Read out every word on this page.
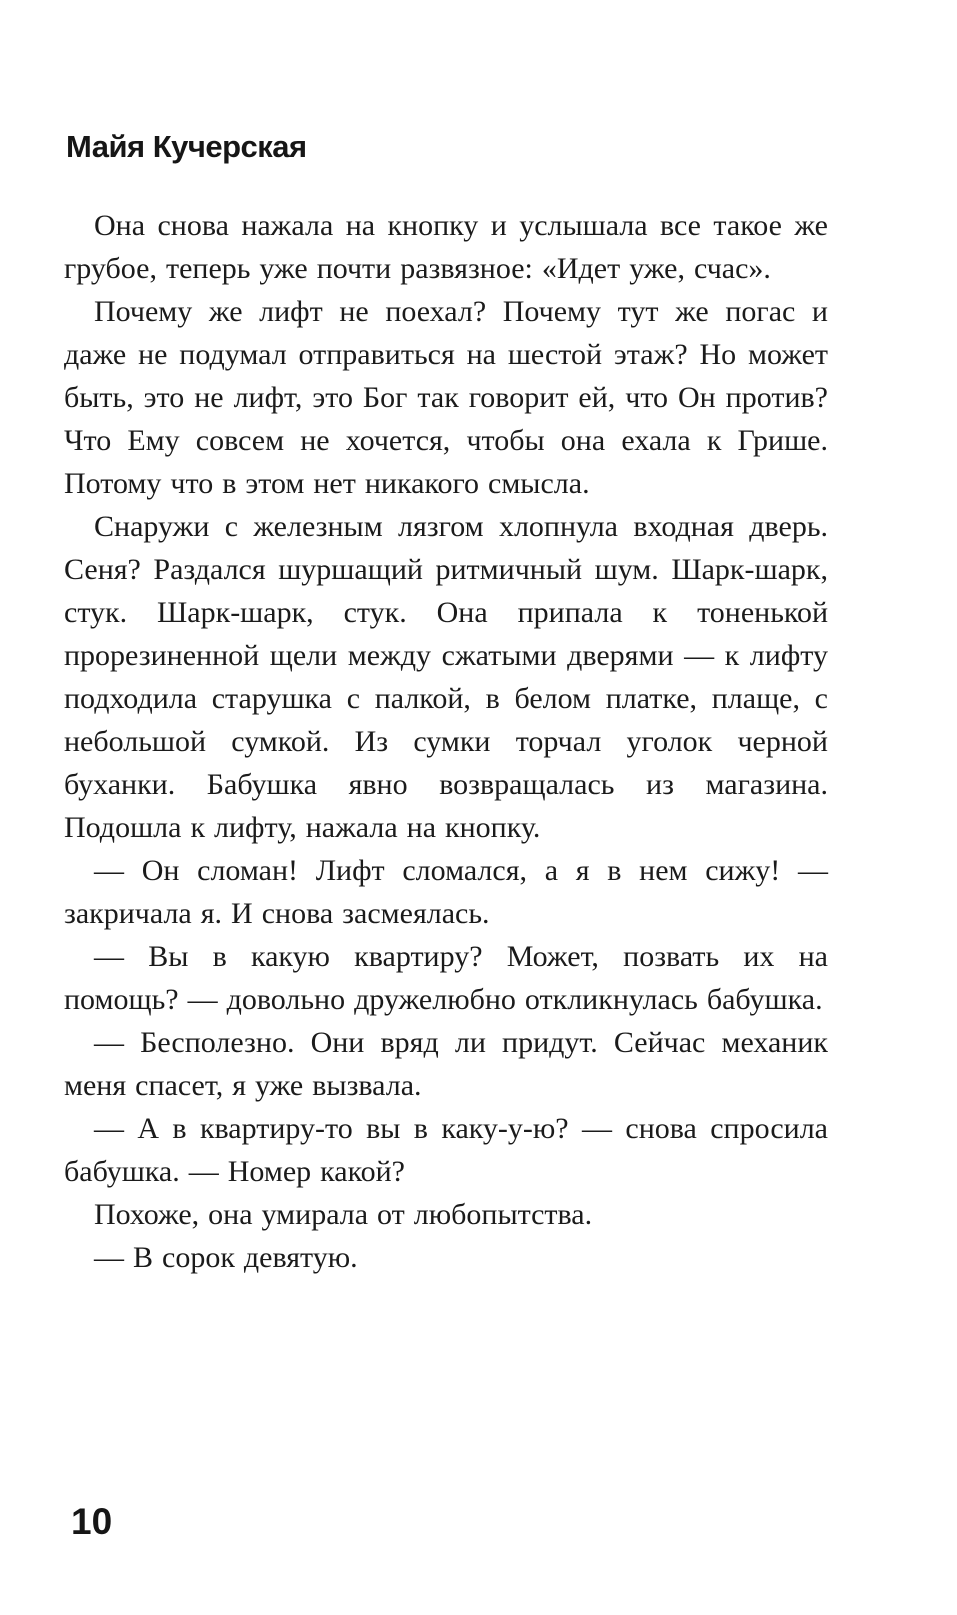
Майя Кучерская

Она снова нажала на кнопку и услышала все такое же грубое, теперь уже почти развязное: «Идет уже, счас».

Почему же лифт не поехал? Почему тут же погас и даже не подумал отправиться на шестой этаж? Но может быть, это не лифт, это Бог так говорит ей, что Он против? Что Ему совсем не хочется, чтобы она ехала к Грише. Потому что в этом нет никакого смысла.

Снаружи с железным лязгом хлопнула входная дверь. Сеня? Раздался шуршащий ритмичный шум. Шарк-шарк, стук. Шарк-шарк, стук. Она припала к тоненькой прорезиненной щели между сжатыми дверями — к лифту подходила старушка с палкой, в белом платке, плаще, с небольшой сумкой. Из сумки торчал уголок черной буханки. Бабушка явно возвращалась из магазина. Подошла к лифту, нажала на кнопку.

— Он сломан! Лифт сломался, а я в нем сижу! — закричала я. И снова засмеялась.

— Вы в какую квартиру? Может, позвать их на помощь? — довольно дружелюбно откликнулась бабушка.

— Бесполезно. Они вряд ли придут. Сейчас механик меня спасет, я уже вызвала.

— А в квартиру-то вы в каку-у-ю? — снова спросила бабушка. — Номер какой?

Похоже, она умирала от любопытства.

— В сорок девятую.

10
